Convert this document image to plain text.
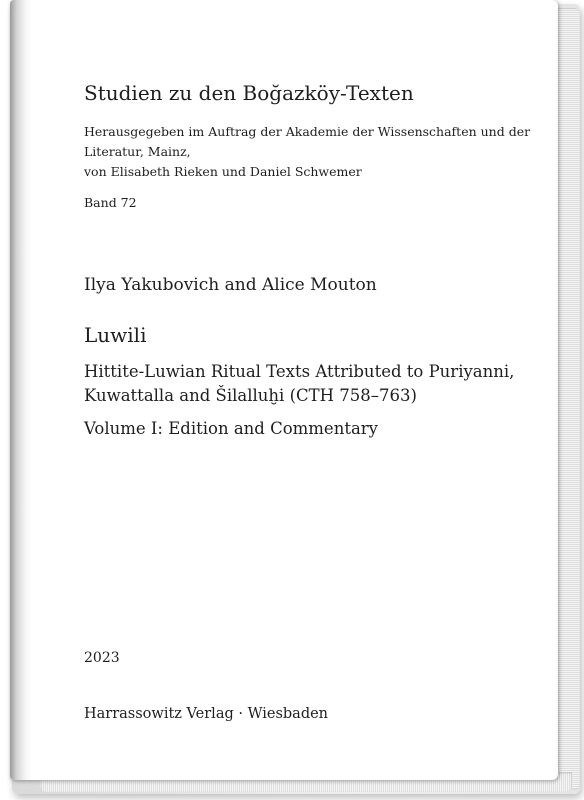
Studien zu den Boğazköy-Texten
Herausgegeben im Auftrag der Akademie der Wissenschaften und der Literatur, Mainz,
von Elisabeth Rieken und Daniel Schwemer
Band 72
Ilya Yakubovich and Alice Mouton
Luwili
Hittite-Luwian Ritual Texts Attributed to Puriyanni,
Kuwattalla and Šilalluḫi (CTH 758–763)
Volume I: Edition and Commentary
2023
Harrassowitz Verlag · Wiesbaden
